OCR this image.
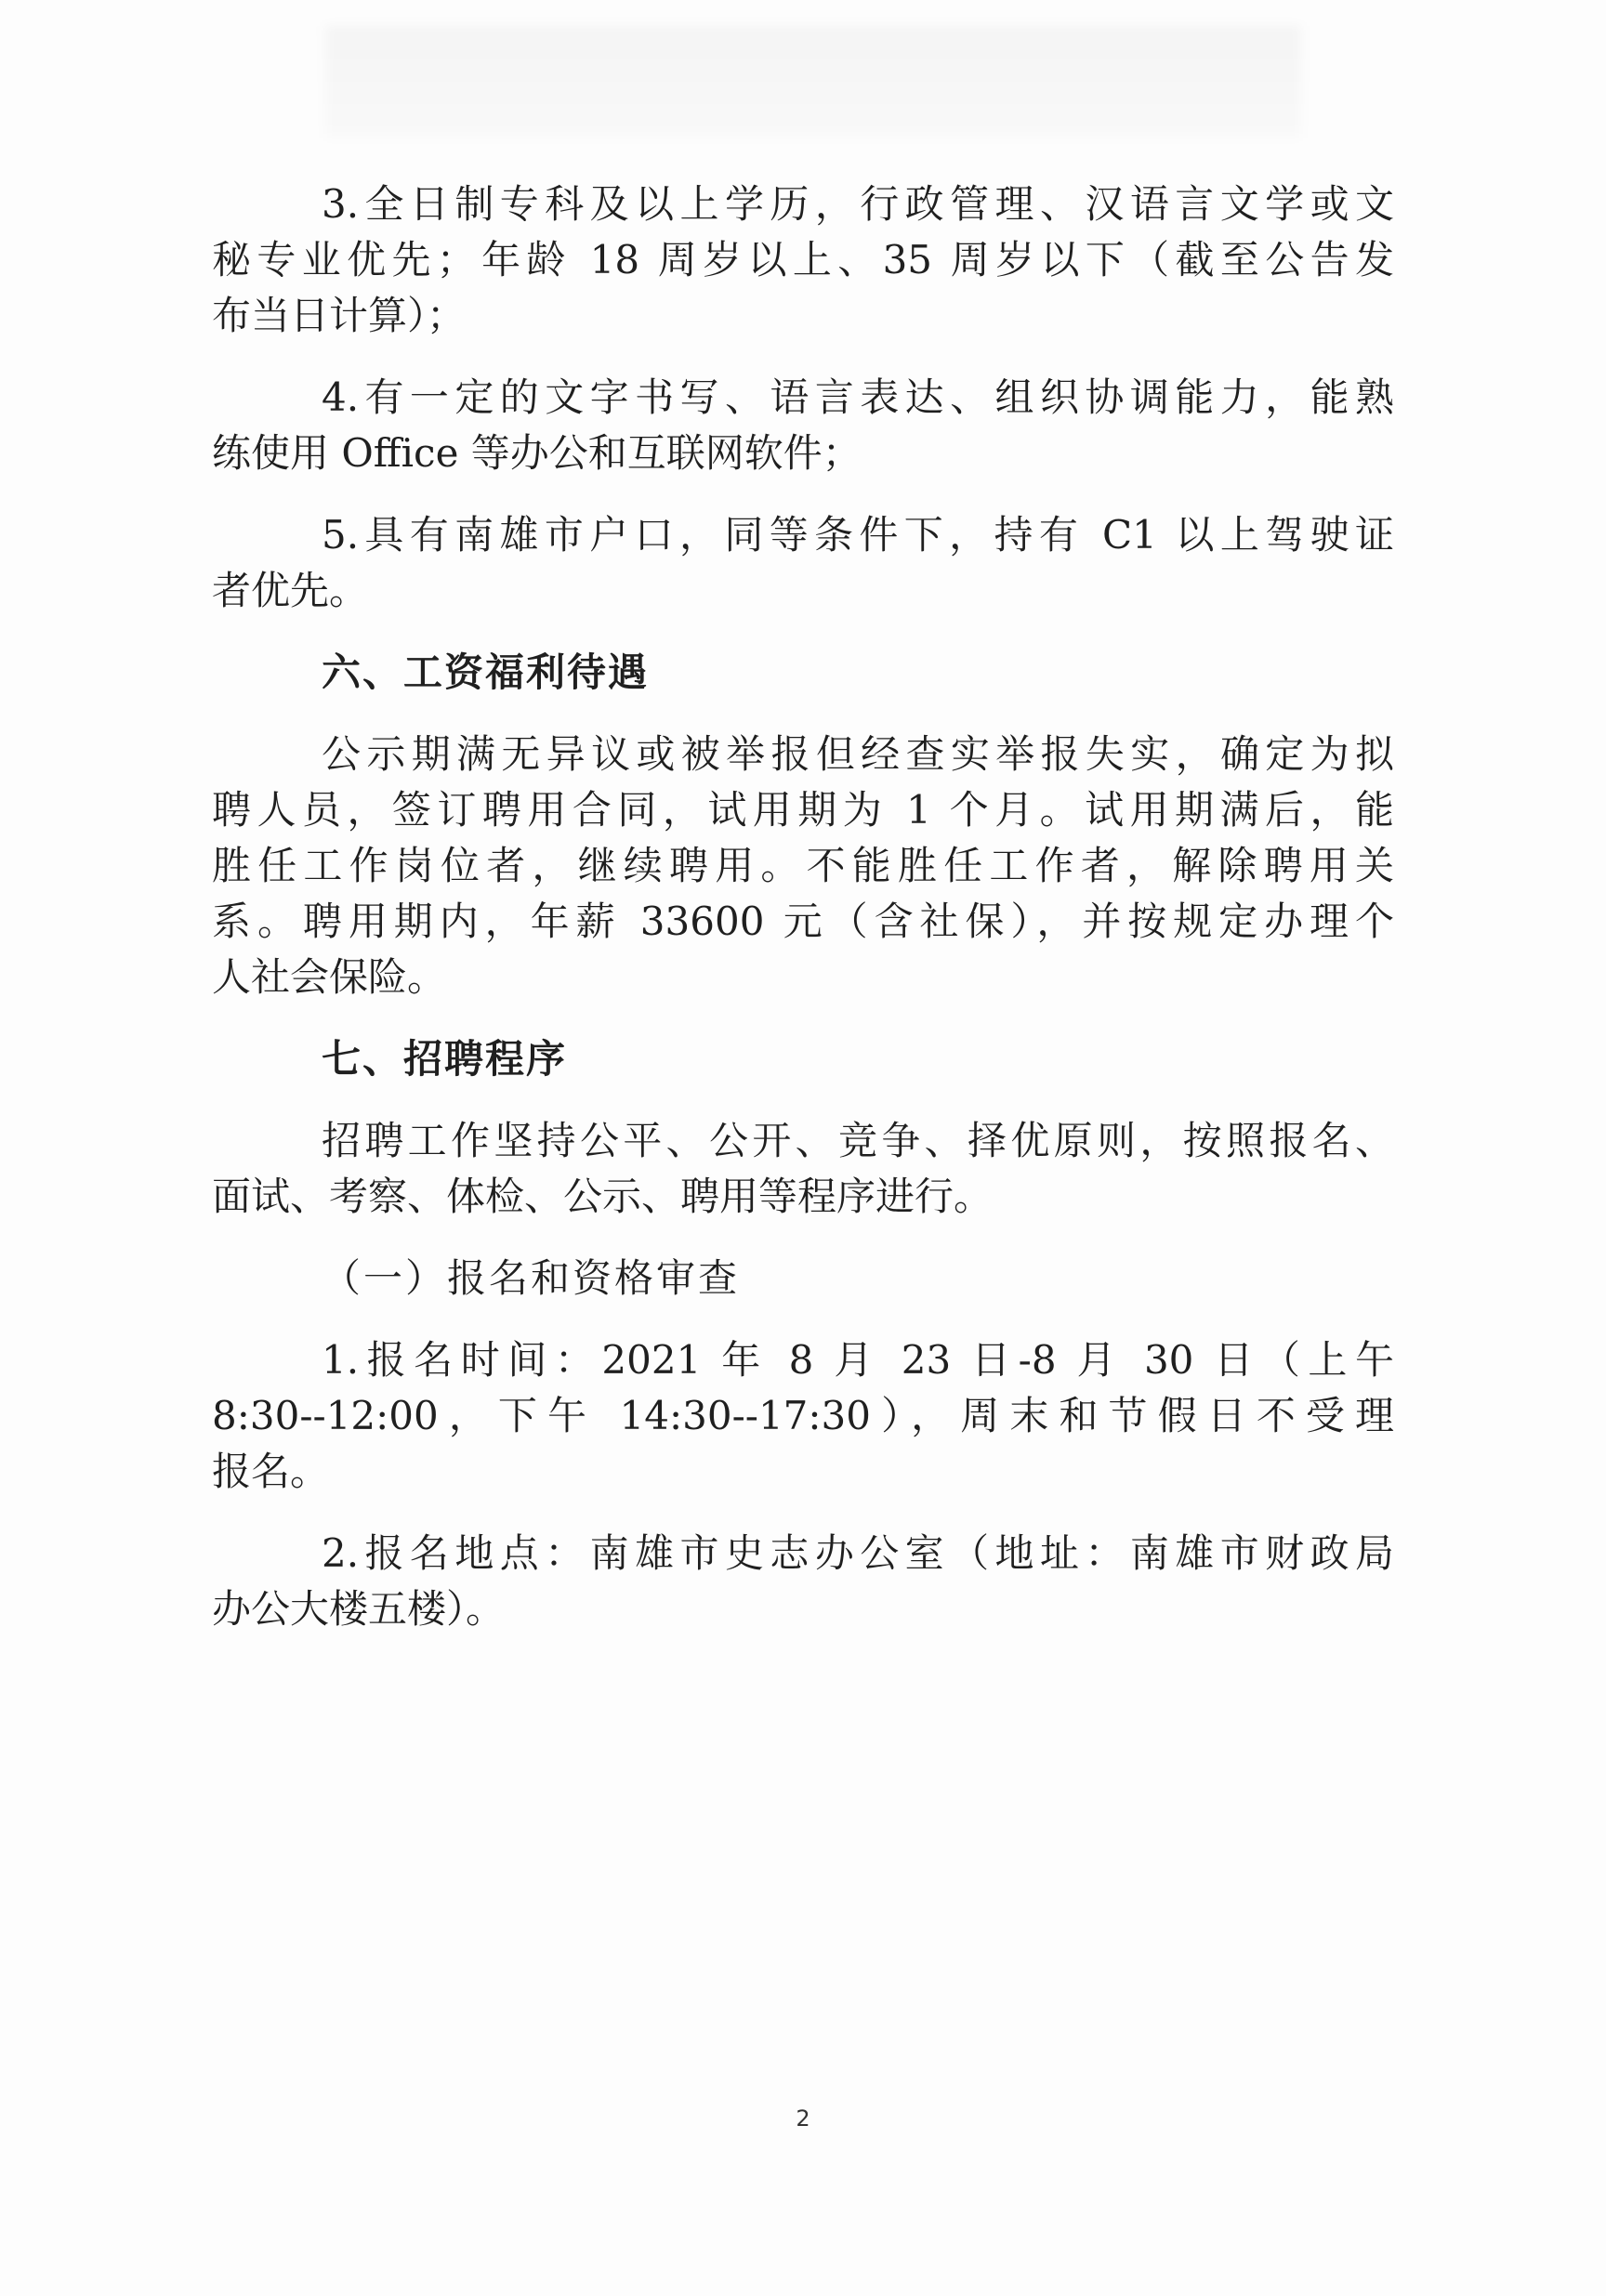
3.全日制专科及以上学历，行政管理、汉语言文学或文
秘专业优先；年龄 18 周岁以上、35 周岁以下（截至公告发
布当日计算）；
4.有一定的文字书写、语言表达、组织协调能力，能熟
练使用 Office 等办公和互联网软件；
5.具有南雄市户口，同等条件下，持有 C1 以上驾驶证
者优先。
六、工资福利待遇
公示期满无异议或被举报但经查实举报失实，确定为拟
聘人员，签订聘用合同，试用期为 1 个月。试用期满后，能
胜任工作岗位者，继续聘用。不能胜任工作者，解除聘用关
系。聘用期内，年薪 33600 元（含社保），并按规定办理个
人社会保险。
七、招聘程序
招聘工作坚持公平、公开、竞争、择优原则，按照报名、
面试、考察、体检、公示、聘用等程序进行。
（一）报名和资格审查
1.报名时间：2021 年 8 月 23 日-8 月 30 日（上午
8:30--12:00，下午 14:30--17:30），周末和节假日不受理
报名。
2.报名地点：南雄市史志办公室（地址：南雄市财政局
办公大楼五楼）。
2
